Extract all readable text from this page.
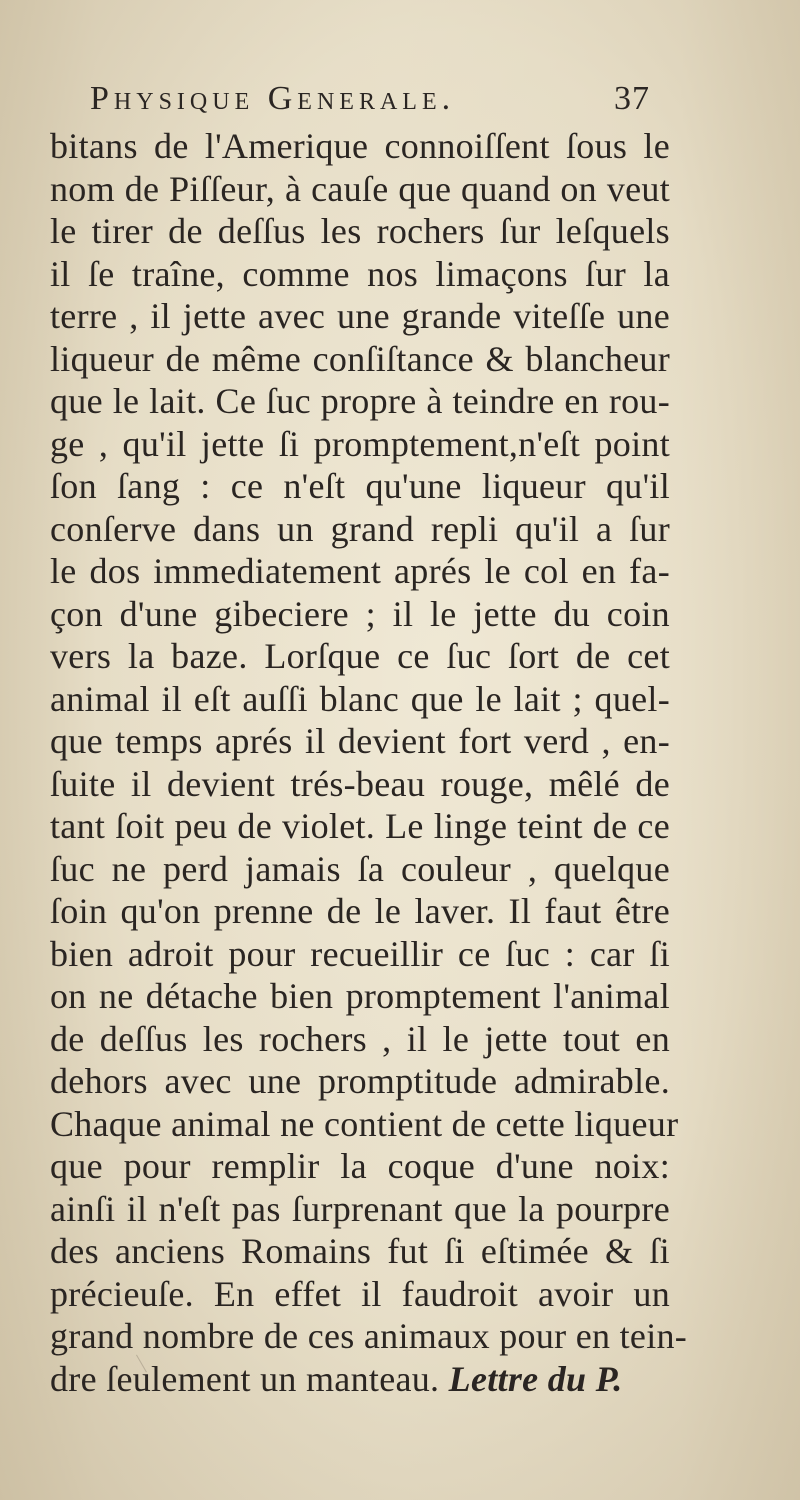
Physique Generale.	37
bitans de l'Amerique connoiſſent ſous le
nom de Piſſeur, à cauſe que quand on veut
le tirer de deſſus les rochers ſur leſquels
il ſe traîne, comme nos limaçons ſur la
terre , il jette avec une grande viteſſe une
liqueur de même conſiſtance & blancheur
que le lait. Ce ſuc propre à teindre en rou-
ge , qu'il jette ſi promptement,n'eſt point
ſon ſang : ce n'eſt qu'une liqueur qu'il
conſerve dans un grand repli qu'il a ſur
le dos immediatement aprés le col en fa-
çon d'une gibeciere ; il le jette du coin
vers la baze. Lorſque ce ſuc ſort de cet
animal il eſt auſſi blanc que le lait ; quel-
que temps aprés il devient fort verd , en-
ſuite il devient trés-beau rouge, mêlé de
tant ſoit peu de violet. Le linge teint de ce
ſuc ne perd jamais ſa couleur , quelque
ſoin qu'on prenne de le laver. Il faut être
bien adroit pour recueillir ce ſuc : car ſi
on ne détache bien promptement l'animal
de deſſus les rochers , il le jette tout en
dehors avec une promptitude admirable.
Chaque animal ne contient de cette liqueur
que pour remplir la coque d'une noix:
ainſi il n'eſt pas ſurprenant que la pourpre
des anciens Romains fut ſi eſtimée & ſi
précieuſe. En effet il faudroit avoir un
grand nombre de ces animaux pour en tein-
dre ſeulement un manteau. Lettre du P.
